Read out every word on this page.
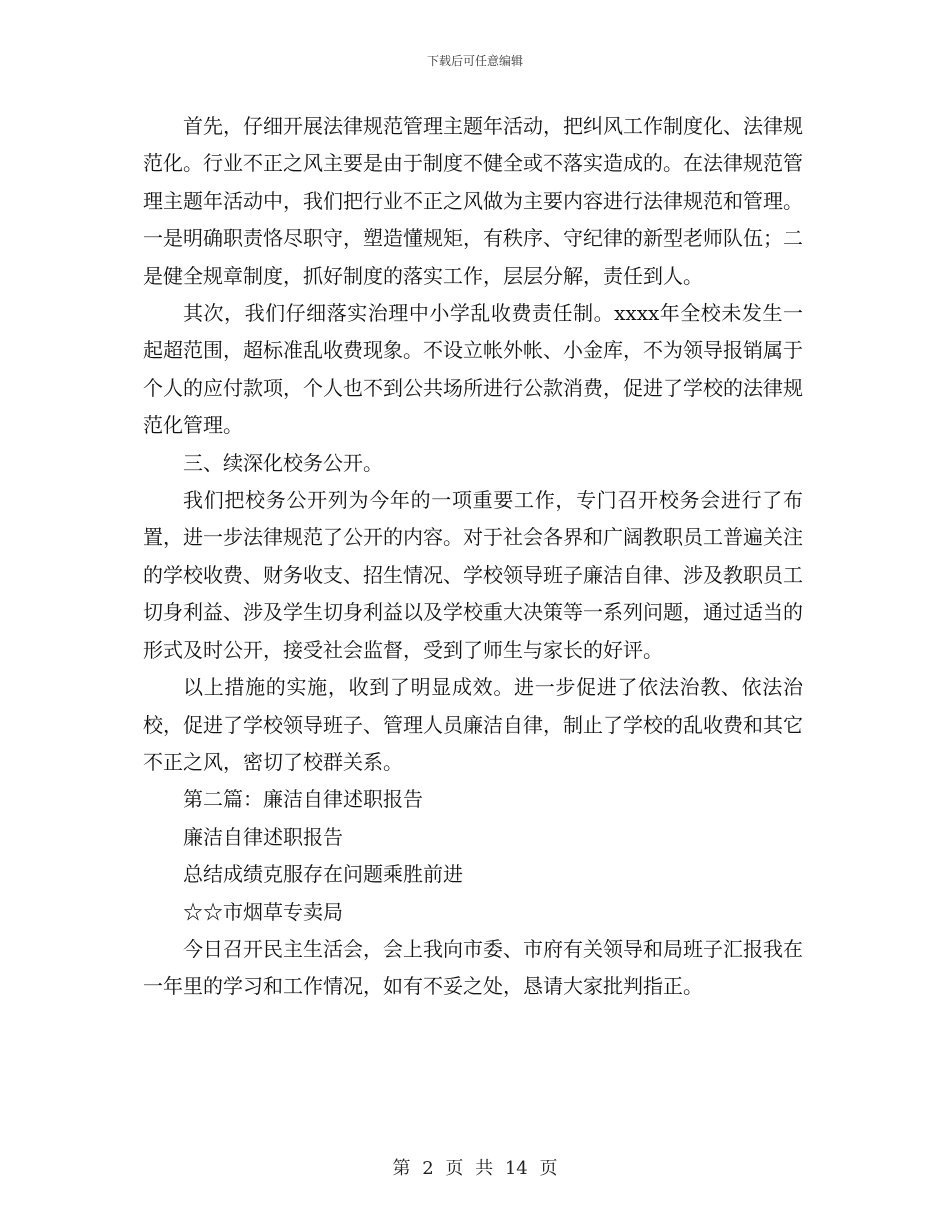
下载后可任意编辑

首先，仔细开展法律规范管理主题年活动，把纠风工作制度化、法律规范化。行业不正之风主要是由于制度不健全或不落实造成的。在法律规范管理主题年活动中，我们把行业不正之风做为主要内容进行法律规范和管理。一是明确职责恪尽职守，塑造懂规矩，有秩序、守纪律的新型老师队伍；二是健全规章制度，抓好制度的落实工作，层层分解，责任到人。

其次，我们仔细落实治理中小学乱收费责任制。xxxx年全校未发生一起超范围，超标准乱收费现象。不设立帐外帐、小金库，不为领导报销属于个人的应付款项，个人也不到公共场所进行公款消费，促进了学校的法律规范化管理。

三、续深化校务公开。

我们把校务公开列为今年的一项重要工作，专门召开校务会进行了布置，进一步法律规范了公开的内容。对于社会各界和广阔教职员工普遍关注的学校收费、财务收支、招生情况、学校领导班子廉洁自律、涉及教职员工切身利益、涉及学生切身利益以及学校重大决策等一系列问题，通过适当的形式及时公开，接受社会监督，受到了师生与家长的好评。

以上措施的实施，收到了明显成效。进一步促进了依法治教、依法治校，促进了学校领导班子、管理人员廉洁自律，制止了学校的乱收费和其它不正之风，密切了校群关系。

第二篇：廉洁自律述职报告

廉洁自律述职报告

总结成绩克服存在问题乘胜前进

☆☆市烟草专卖局

今日召开民主生活会，会上我向市委、市府有关领导和局班子汇报我在一年里的学习和工作情况，如有不妥之处，恳请大家批判指正。

第 2 页 共 14 页
